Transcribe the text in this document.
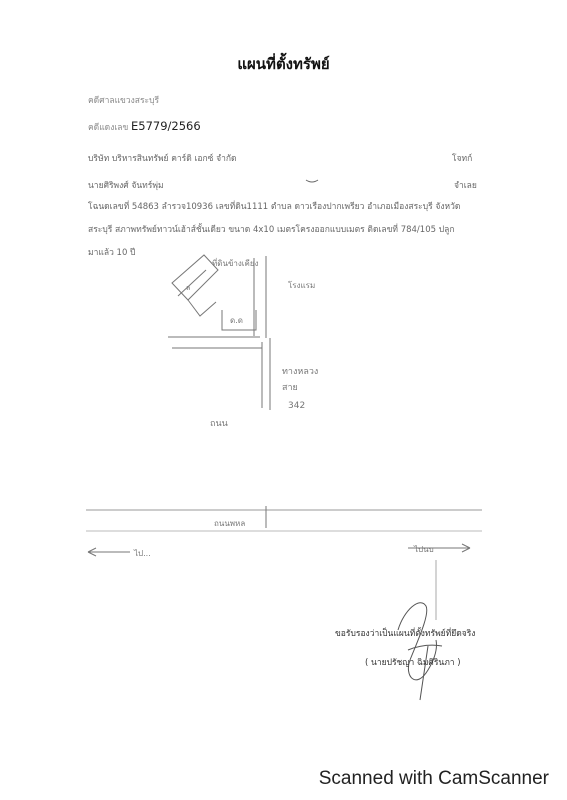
แผนที่ตั้งทรัพย์
คดีศาลแขวงสระบุรี
คดีแดงเลข E5779/2566
บริษัท บริหารสินทรัพย์ คาร์ดิ เอกซ์ จำกัด	โจทก์
นายศิริพงศ์ จันทร์พุ่ม	จำเลย
โฉนดเลขที่ 54863 ลำรวจ10936 เลขที่ดิน1111 ตำบล ดาวเรืองปากเพรียว อำเภอเมืองสระบุรี จังหวัด
สระบุรี สภาพทรัพย์ทาวน์เฮ้าส์ชั้นเดียว ขนาด 4x10 เมตรโครงออกแบบเมตร ติดเลขที่ 784/105 ปลูก
มาแล้ว 10 ปี
ที่ดินข้างเคียง
โรงแรม
ล
ด.ด
ทางหลวง
สาย
342
ถนน
ถนนพหล
ไป...	ไปนบ
ขอรับรองว่าเป็นแผนที่ตั้งทรัพย์ที่ยึดจริง
( นายปรัชญา ฉิมศิรินภา )
Scanned with CamScanner
